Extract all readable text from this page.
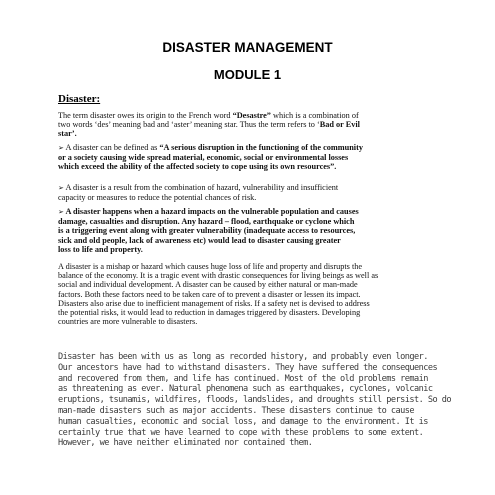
DISASTER MANAGEMENT
MODULE 1
Disaster:
The term disaster owes its origin to the French word “Desastre” which is a combination of
two words ‘des’ meaning bad and ‘aster’ meaning star. Thus the term refers to ‘Bad or Evil
star’.
➢ A disaster can be defined as “A serious disruption in the functioning of the community
or a society causing wide spread material, economic, social or environmental losses
which exceed the ability of the affected society to cope using its own resources”.
➢ A disaster is a result from the combination of hazard, vulnerability and insufficient
capacity or measures to reduce the potential chances of risk.
➢ A disaster happens when a hazard impacts on the vulnerable population and causes
damage, casualties and disruption. Any hazard – flood, earthquake or cyclone which
is a triggering event along with greater vulnerability (inadequate access to resources,
sick and old people, lack of awareness etc) would lead to disaster causing greater
loss to life and property.
A disaster is a mishap or hazard which causes huge loss of life and property and disrupts the
balance of the economy. It is a tragic event with drastic consequences for living beings as well as
social and individual development. A disaster can be caused by either natural or man-made
factors. Both these factors need to be taken care of to prevent a disaster or lessen its impact.
Disasters also arise due to inefficient management of risks. If a safety net is devised to address
the potential risks, it would lead to reduction in damages triggered by disasters. Developing
countries are more vulnerable to disasters.
Disaster has been with us as long as recorded history, and probably even longer.
Our ancestors have had to withstand disasters. They have suffered the consequences
and recovered from them, and life has continued. Most of the old problems remain
as threatening as ever. Natural phenomena such as earthquakes, cyclones, volcanic
eruptions, tsunamis, wildfires, floods, landslides, and droughts still persist. So do
man-made disasters such as major accidents. These disasters continue to cause
human casualties, economic and social loss, and damage to the environment. It is
certainly true that we have learned to cope with these problems to some extent.
However, we have neither eliminated nor contained them.
